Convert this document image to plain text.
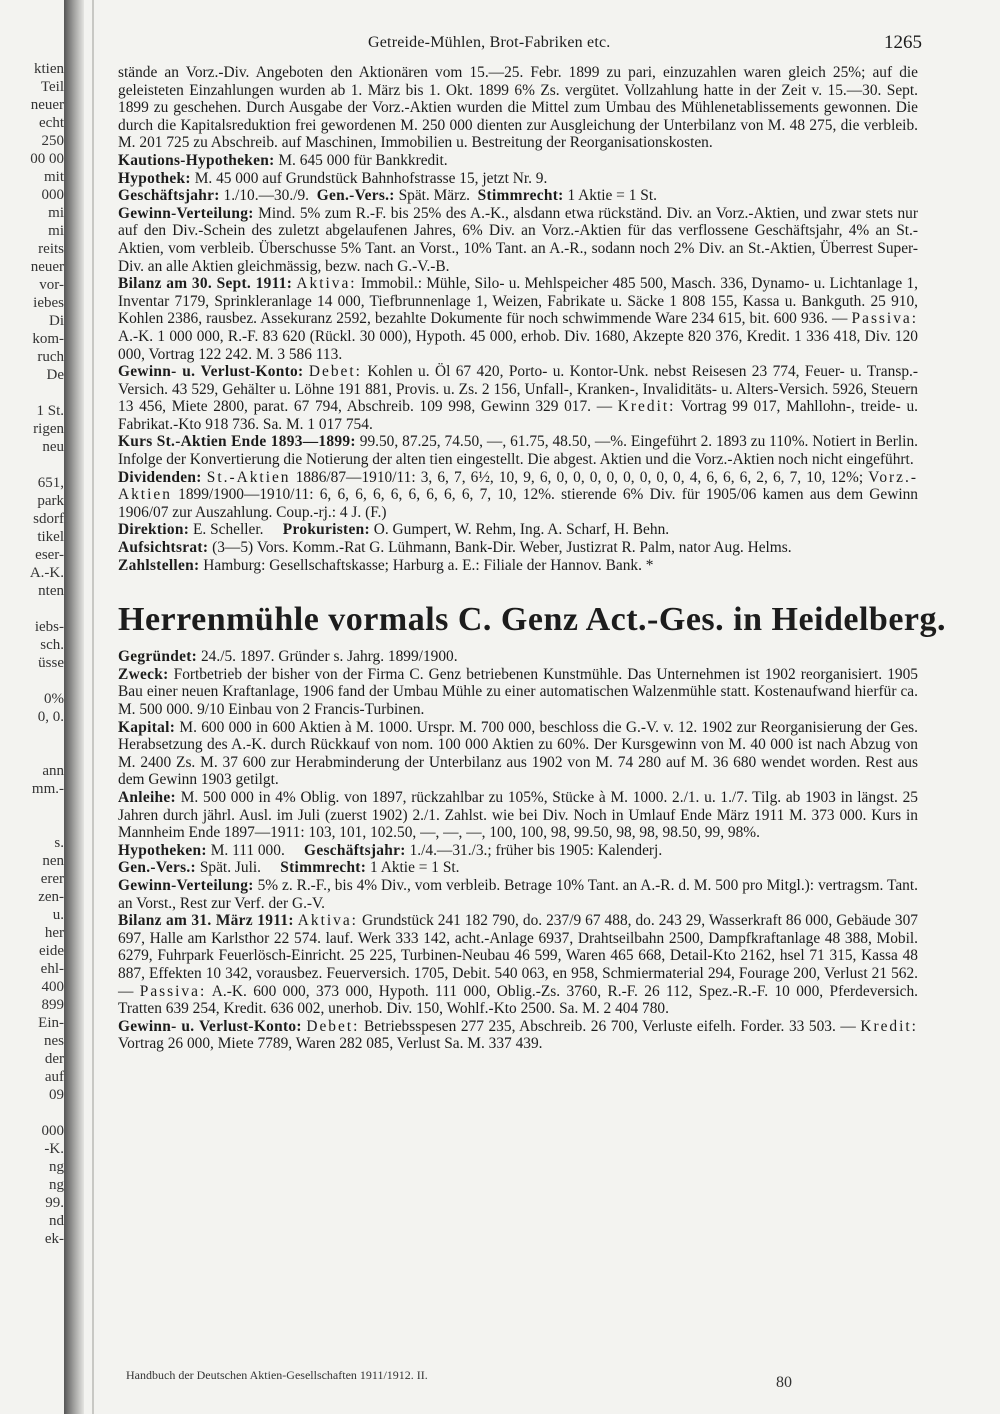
ktien
Teil
neuer
echt
250
00 00
mit
000
mi
mi
reits
neuer
vor-
iebes
Di
kom-
ruch
De
1 St.
rigen
neu
651,
park
sdorf
tikel
eser-
A.-K.
nten
iebs-
sch.
üsse
0%
0, 0.
ann
mm.-
s.
nen
erer
zen-
u.
her
eide
ehl-
400
899
Ein-
nes
der
auf
09
000
-K.
ng
ng
99.
nd
ek-
Getreide-Mühlen, Brot-Fabriken etc.	1265

stände an Vorz.-Div. Angeboten den Aktionären vom 15.—25. Febr. 1899 zu pari, einzuzahlen waren gleich 25%; auf die geleisteten Einzahlungen wurden ab 1. März bis 1. Okt. 1899 6% Zs. vergütet. Vollzahlung hatte in der Zeit v. 15.—30. Sept. 1899 zu geschehen. Durch Ausgabe der Vorz.-Aktien wurden die Mittel zum Umbau des Mühlenetablissements gewonnen. Die durch die Kapitalsreduktion frei gewordenen M. 250 000 dienten zur Ausgleichung der Unterbilanz von M. 48 275, die verbleib. M. 201 725 zu Abschreib. auf Maschinen, Immobilien u. Bestreitung der Reorganisationskosten.

Kautions-Hypotheken: M. 645 000 für Bankkredit.

Hypothek: M. 45 000 auf Grundstück Bahnhofstrasse 15, jetzt Nr. 9.

Geschäftsjahr: 1./10.—30./9. Gen.-Vers.: Spät. März. Stimmrecht: 1 Aktie = 1 St.

Gewinn-Verteilung: Mind. 5% zum R.-F. bis 25% des A.-K., alsdann etwa rückständ. Div. an Vorz.-Aktien, und zwar stets nur auf den Div.-Schein des zuletzt abgelaufenen Jahres, 6% Div. an Vorz.-Aktien für das verflossene Geschäftsjahr, 4% an St.-Aktien, vom verbleib. Überschusse 5% Tant. an Vorst., 10% Tant. an A.-R., sodann noch 2% Div. an St.-Aktien, Überrest Super-Div. an alle Aktien gleichmässig, bezw. nach G.-V.-B.

Bilanz am 30. Sept. 1911: Aktiva: Immobil.: Mühle, Silo- u. Mehlspeicher 485 500, Masch. 336, Dynamo- u. Lichtanlage 1, Inventar 7179, Sprinkleranlage 14 000, Tiefbrunnenlage 1, Weizen, Fabrikate u. Säcke 1 808 155, Kassa u. Bankguth. 25 910, Kohlen 2386, rausbez. Assekuranz 2592, bezahlte Dokumente für noch schwimmende Ware 234 615, bit. 600 936. — Passiva: A.-K. 1 000 000, R.-F. 83 620 (Rückl. 30 000), Hypoth. 45 000, erhob. Div. 1680, Akzepte 820 376, Kredit. 1 336 418, Div. 120 000, Vortrag 122 242. M. 3 586 113.

Gewinn- u. Verlust-Konto: Debet: Kohlen u. Öl 67 420, Porto- u. Kontor-Unk. nebst Reisesen 23 774, Feuer- u. Transp.-Versich. 43 529, Gehälter u. Löhne 191 881, Provis. u. Zs. 2 156, Unfall-, Kranken-, Invaliditäts- u. Alters-Versich. 5926, Steuern 13 456, Miete 2800, parat. 67 794, Abschreib. 109 998, Gewinn 329 017. — Kredit: Vortrag 99 017, Mahllohn-, treide- u. Fabrikat.-Kto 918 736. Sa. M. 1 017 754.

Kurs St.-Aktien Ende 1893—1899: 99.50, 87.25, 74.50, —, 61.75, 48.50, —%. Eingeführt 2. 1893 zu 110%. Notiert in Berlin. Infolge der Konvertierung die Notierung der alten tien eingestellt. Die abgest. Aktien und die Vorz.-Aktien noch nicht eingeführt.

Dividenden: St.-Aktien 1886/87—1910/11: 3, 6, 7, 6½, 10, 9, 6, 0, 0, 0, 0, 0, 0, 0, 0, 4, 6, 6, 6, 2, 6, 7, 10, 12%; Vorz.-Aktien 1899/1900—1910/11: 6, 6, 6, 6, 6, 6, 6, 6, 6, 7, 10, 12%. stierende 6% Div. für 1905/06 kamen aus dem Gewinn 1906/07 zur Auszahlung. Coup.-rj.: 4 J. (F.)

Direktion: E. Scheller. Prokuristen: O. Gumpert, W. Rehm, Ing. A. Scharf, H. Behn.

Aufsichtsrat: (3—5) Vors. Komm.-Rat G. Lühmann, Bank-Dir. Weber, Justizrat R. Palm, nator Aug. Helms.

Zahlstellen: Hamburg: Gesellschaftskasse; Harburg a. E.: Filiale der Hannov. Bank. *

Herrenmühle vormals C. Genz Act.-Ges. in Heidelberg.

Gegründet: 24./5. 1897. Gründer s. Jahrg. 1899/1900.

Zweck: Fortbetrieb der bisher von der Firma C. Genz betriebenen Kunstmühle. Das Unternehmen ist 1902 reorganisiert. 1905 Bau einer neuen Kraftanlage, 1906 fand der Umbau Mühle zu einer automatischen Walzenmühle statt. Kostenaufwand hierfür ca. M. 500 000. 9/10 Einbau von 2 Francis-Turbinen.

Kapital: M. 600 000 in 600 Aktien à M. 1000. Urspr. M. 700 000, beschloss die G.-V. v. 12. 1902 zur Reorganisierung der Ges. Herabsetzung des A.-K. durch Rückkauf von nom. 100 000 Aktien zu 60%. Der Kursgewinn von M. 40 000 ist nach Abzug von M. 2400 Zs. M. 37 600 zur Herabminderung der Unterbilanz aus 1902 von M. 74 280 auf M. 36 680 wendet worden. Rest aus dem Gewinn 1903 getilgt.

Anleihe: M. 500 000 in 4% Oblig. von 1897, rückzahlbar zu 105%, Stücke à M. 1000. 2./1. u. 1./7. Tilg. ab 1903 in längst. 25 Jahren durch jährl. Ausl. im Juli (zuerst 1902) 2./1. Zahlst. wie bei Div. Noch in Umlauf Ende März 1911 M. 373 000. Kurs in Mannheim Ende 1897—1911: 103, 101, 102.50, —, —, —, 100, 100, 98, 99.50, 98, 98, 98.50, 99, 98%.

Hypotheken: M. 111 000. Geschäftsjahr: 1./4.—31./3.; früher bis 1905: Kalenderj.

Gen.-Vers.: Spät. Juli. Stimmrecht: 1 Aktie = 1 St.

Gewinn-Verteilung: 5% z. R.-F., bis 4% Div., vom verbleib. Betrage 10% Tant. an A.-R. d. M. 500 pro Mitgl.): vertragsm. Tant. an Vorst., Rest zur Verf. der G.-V.

Bilanz am 31. März 1911: Aktiva: Grundstück 241 182 790, do. 237/9 67 488, do. 243 29, Wasserkraft 86 000, Gebäude 307 697, Halle am Karlsthor 22 574. lauf. Werk 333 142, acht.-Anlage 6937, Drahtseilbahn 2500, Dampfkraftanlage 48 388, Mobil. 6279, Fuhrpark Feuerlösch-Einricht. 25 225, Turbinen-Neubau 46 599, Waren 465 668, Detail-Kto 2162, hsel 71 315, Kassa 48 887, Effekten 10 342, vorausbez. Feuerversich. 1705, Debit. 540 063, en 958, Schmiermaterial 294, Fourage 200, Verlust 21 562. — Passiva: A.-K. 600 000, 373 000, Hypoth. 111 000, Oblig.-Zs. 3760, R.-F. 26 112, Spez.-R.-F. 10 000, Pferdeversich. Tratten 639 254, Kredit. 636 002, unerhob. Div. 150, Wohlf.-Kto 2500. Sa. M. 2 404 780.

Gewinn- u. Verlust-Konto: Debet: Betriebsspesen 277 235, Abschreib. 26 700, Verluste eifelh. Forder. 33 503. — Kredit: Vortrag 26 000, Miete 7789, Waren 282 085, Verlust Sa. M. 337 439.

Handbuch der Deutschen Aktien-Gesellschaften 1911/1912. II.	80
